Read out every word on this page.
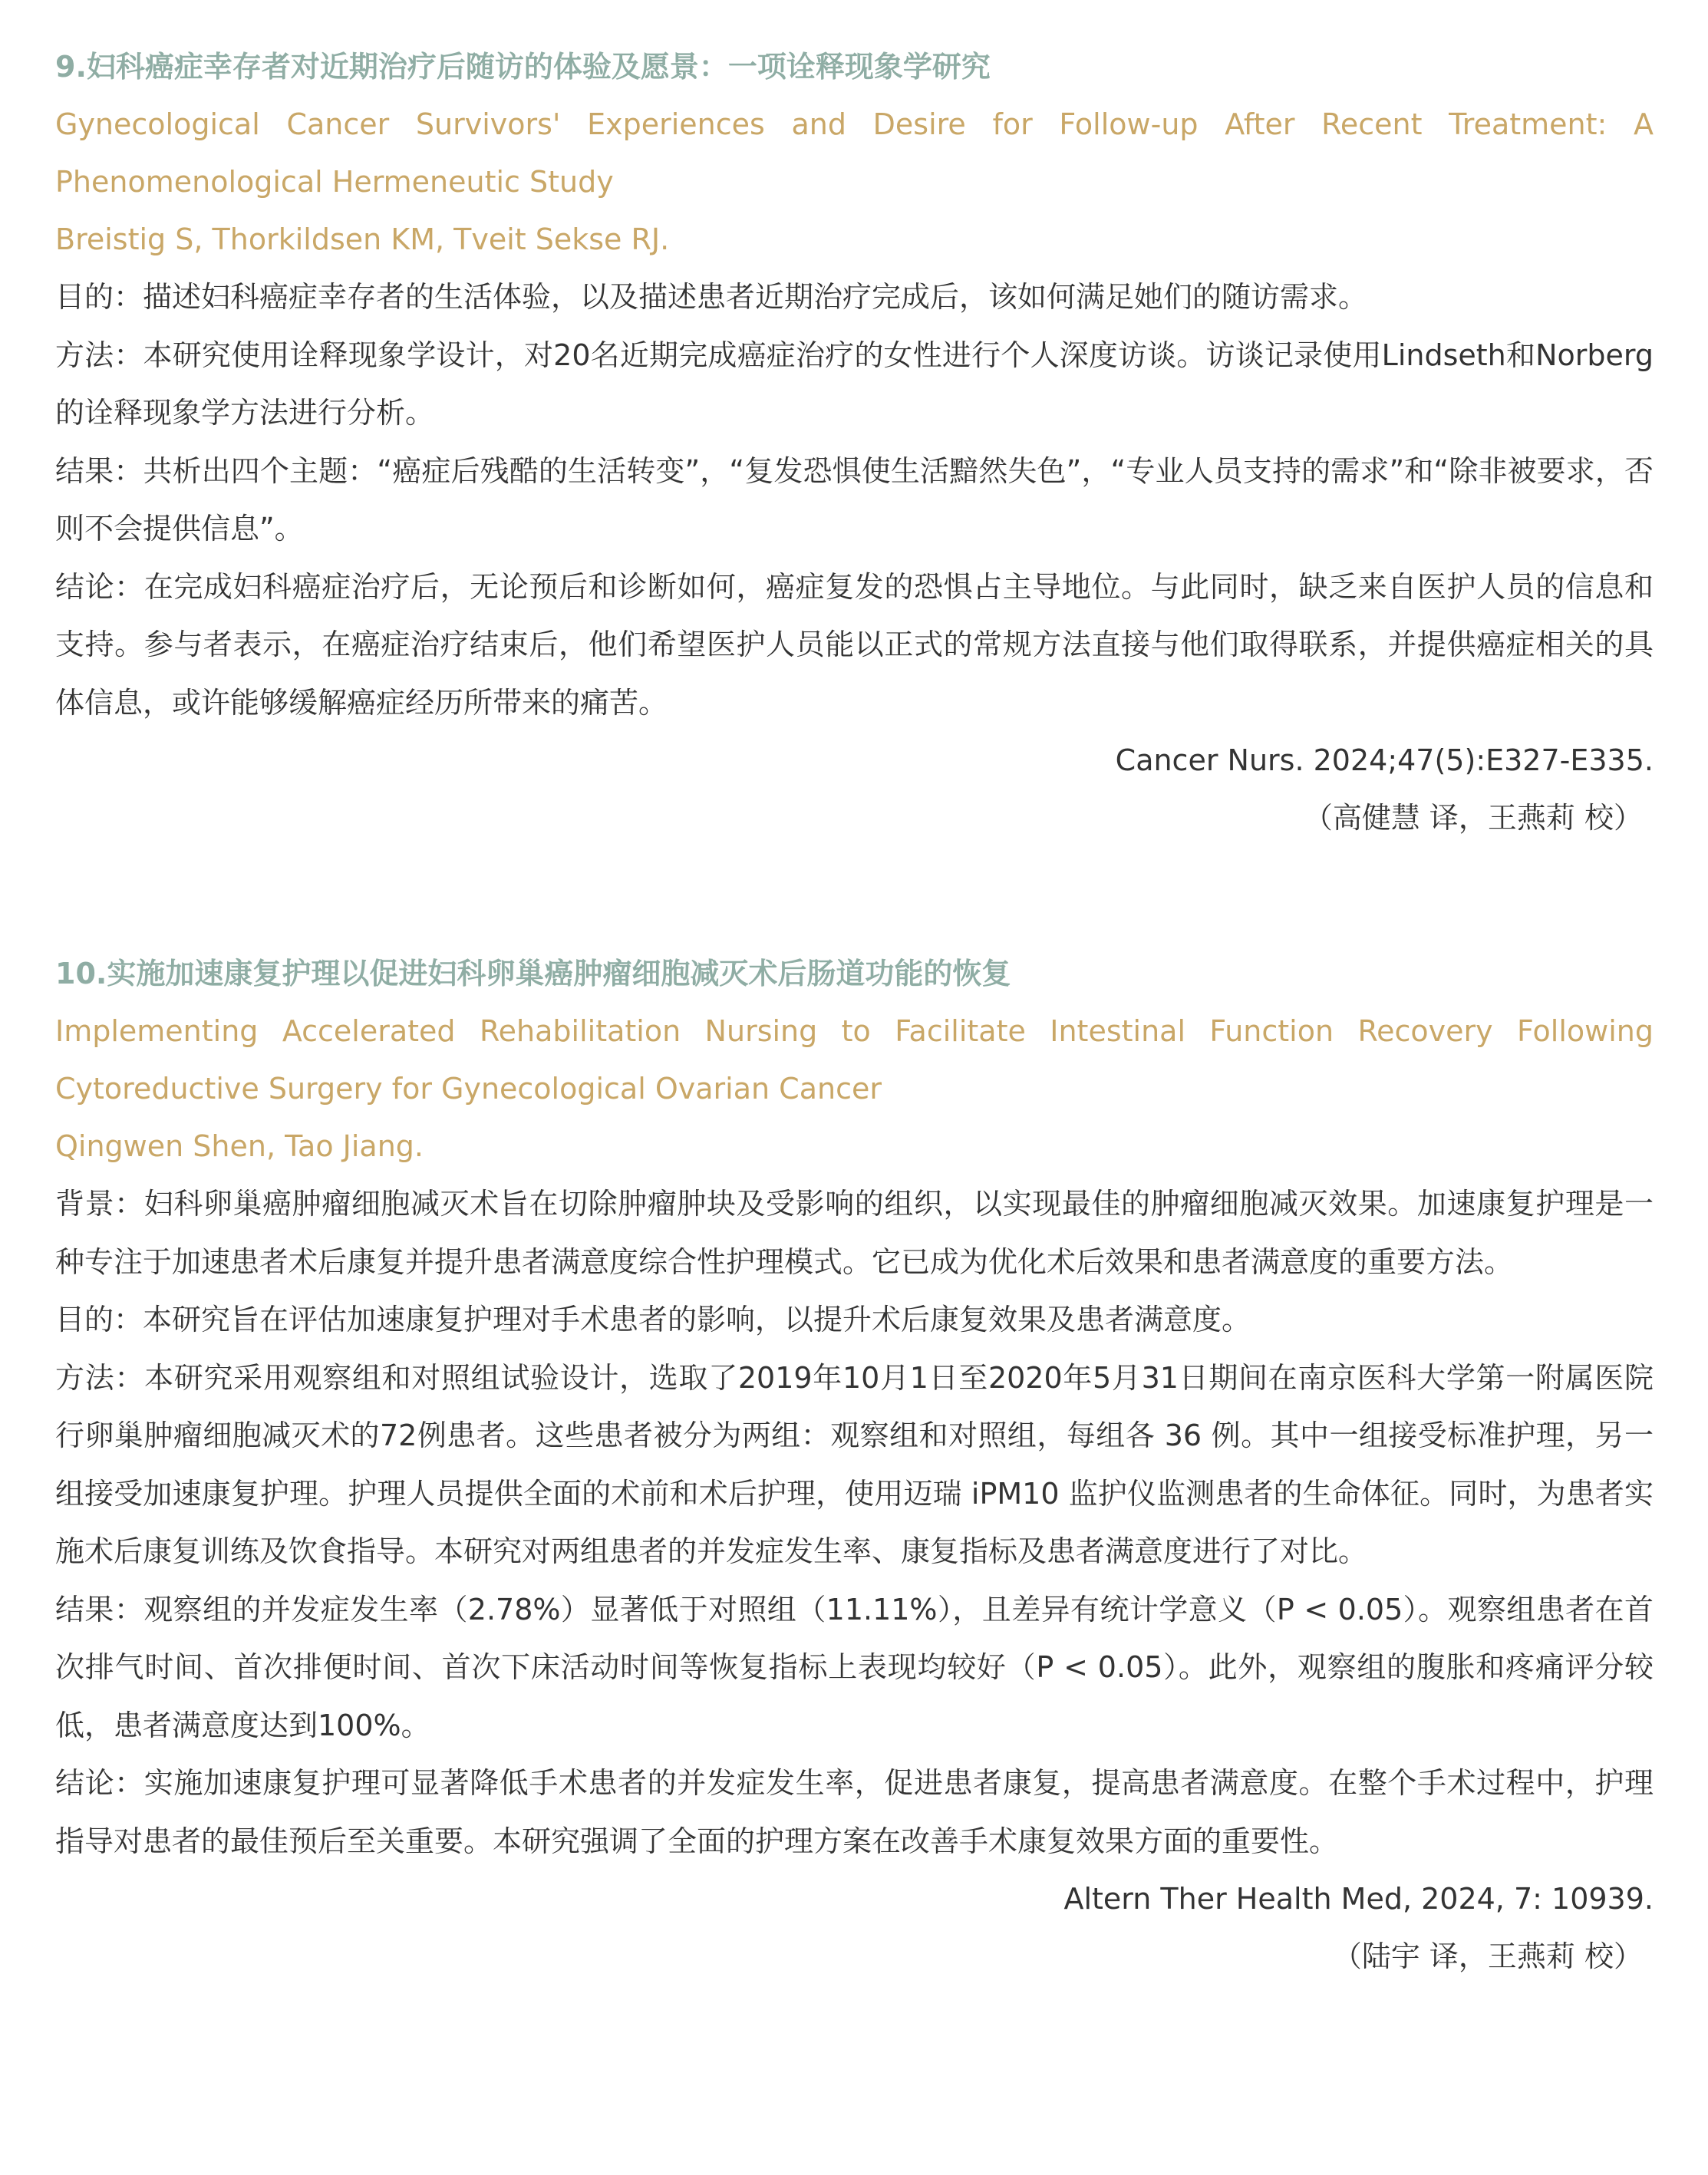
9.妇科癌症幸存者对近期治疗后随访的体验及愿景：一项诠释现象学研究

Gynecological Cancer Survivors' Experiences and Desire for Follow-up After Recent Treatment: A Phenomenological Hermeneutic Study

Breistig S, Thorkildsen KM, Tveit Sekse RJ.

目的：描述妇科癌症幸存者的生活体验，以及描述患者近期治疗完成后，该如何满足她们的随访需求。

方法：本研究使用诠释现象学设计，对20名近期完成癌症治疗的女性进行个人深度访谈。访谈记录使用Lindseth和Norberg的诠释现象学方法进行分析。

结果：共析出四个主题：“癌症后残酷的生活转变”，“复发恐惧使生活黯然失色”，“专业人员支持的需求”和“除非被要求，否则不会提供信息”。

结论：在完成妇科癌症治疗后，无论预后和诊断如何，癌症复发的恐惧占主导地位。与此同时，缺乏来自医护人员的信息和支持。参与者表示，在癌症治疗结束后，他们希望医护人员能以正式的常规方法直接与他们取得联系，并提供癌症相关的具体信息，或许能够缓解癌症经历所带来的痛苦。

Cancer Nurs. 2024;47(5):E327-E335.

（高健慧 译，王燕莉 校）

10.实施加速康复护理以促进妇科卵巢癌肿瘤细胞减灭术后肠道功能的恢复

Implementing Accelerated Rehabilitation Nursing to Facilitate Intestinal Function Recovery Following Cytoreductive Surgery for Gynecological Ovarian Cancer

Qingwen Shen, Tao Jiang.

背景：妇科卵巢癌肿瘤细胞减灭术旨在切除肿瘤肿块及受影响的组织，以实现最佳的肿瘤细胞减灭效果。加速康复护理是一种专注于加速患者术后康复并提升患者满意度综合性护理模式。它已成为优化术后效果和患者满意度的重要方法。

目的：本研究旨在评估加速康复护理对手术患者的影响，以提升术后康复效果及患者满意度。

方法：本研究采用观察组和对照组试验设计，选取了2019年10月1日至2020年5月31日期间在南京医科大学第一附属医院行卵巢肿瘤细胞减灭术的72例患者。这些患者被分为两组：观察组和对照组，每组各 36 例。其中一组接受标准护理，另一组接受加速康复护理。护理人员提供全面的术前和术后护理，使用迈瑞 iPM10 监护仪监测患者的生命体征。同时，为患者实施术后康复训练及饮食指导。本研究对两组患者的并发症发生率、康复指标及患者满意度进行了对比。

结果：观察组的并发症发生率（2.78%）显著低于对照组（11.11%），且差异有统计学意义（P < 0.05）。观察组患者在首次排气时间、首次排便时间、首次下床活动时间等恢复指标上表现均较好（P < 0.05）。此外，观察组的腹胀和疼痛评分较低，患者满意度达到100%。

结论：实施加速康复护理可显著降低手术患者的并发症发生率，促进患者康复，提高患者满意度。在整个手术过程中，护理指导对患者的最佳预后至关重要。本研究强调了全面的护理方案在改善手术康复效果方面的重要性。

Altern Ther Health Med, 2024, 7: 10939.

（陆宇 译，王燕莉 校）
